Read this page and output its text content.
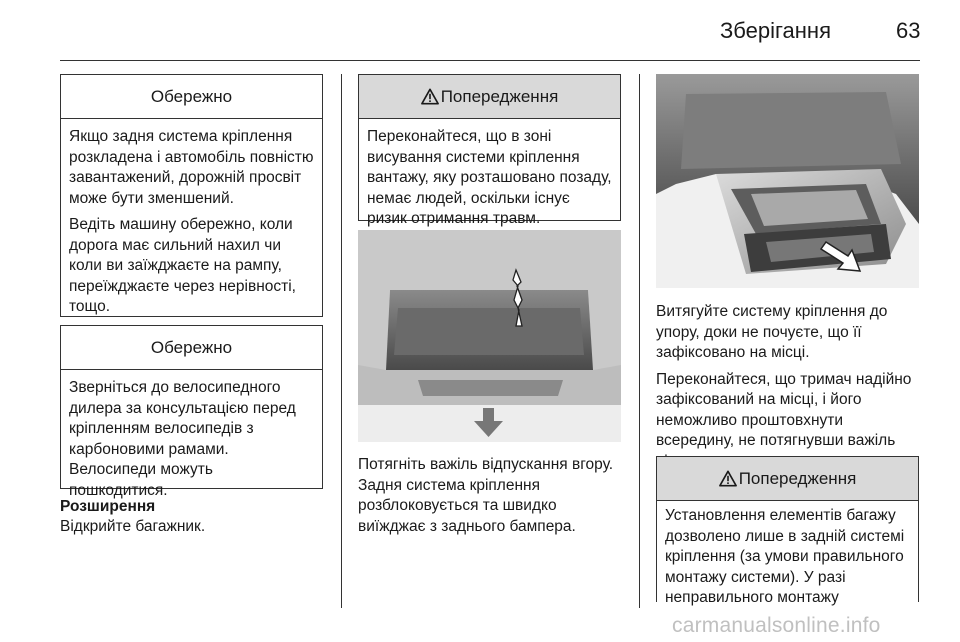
Зберігання	63
Обережно

Якщо задня система кріплення розкладена і автомобіль повністю завантажений, дорожній просвіт може бути зменшений.

Ведіть машину обережно, коли дорога має сильний нахил чи коли ви заїжджаєте на рампу, переїжджаєте через нерівності, тощо.

Обережно

Зверніться до велосипедного дилера за консультацією перед кріпленням велосипедів з карбоновими рамами. Велосипеди можуть пошкодитися.

Розширення
Відкрийте багажник.
Попередження

Переконайтеся, що в зоні висування системи кріплення вантажу, яку розташовано позаду, немає людей, оскільки існує ризик отримання травм.

Потягніть важіль відпускання вгору. Задня система кріплення розблоковується та швидко виїжджає з заднього бампера.

Витягуйте систему кріплення до упору, доки не почуєте, що її зафіксовано на місці.

Переконайтеся, що тримач надійно зафіксований на місці, і його неможливо проштовхнути всередину, не потягнувши важіль

Попередження

Установлення елементів багажу дозволено лише в задній системі кріплення (за умови правильного монтажу системи). У разі неправильного монтажу

carmanualsonline.info
